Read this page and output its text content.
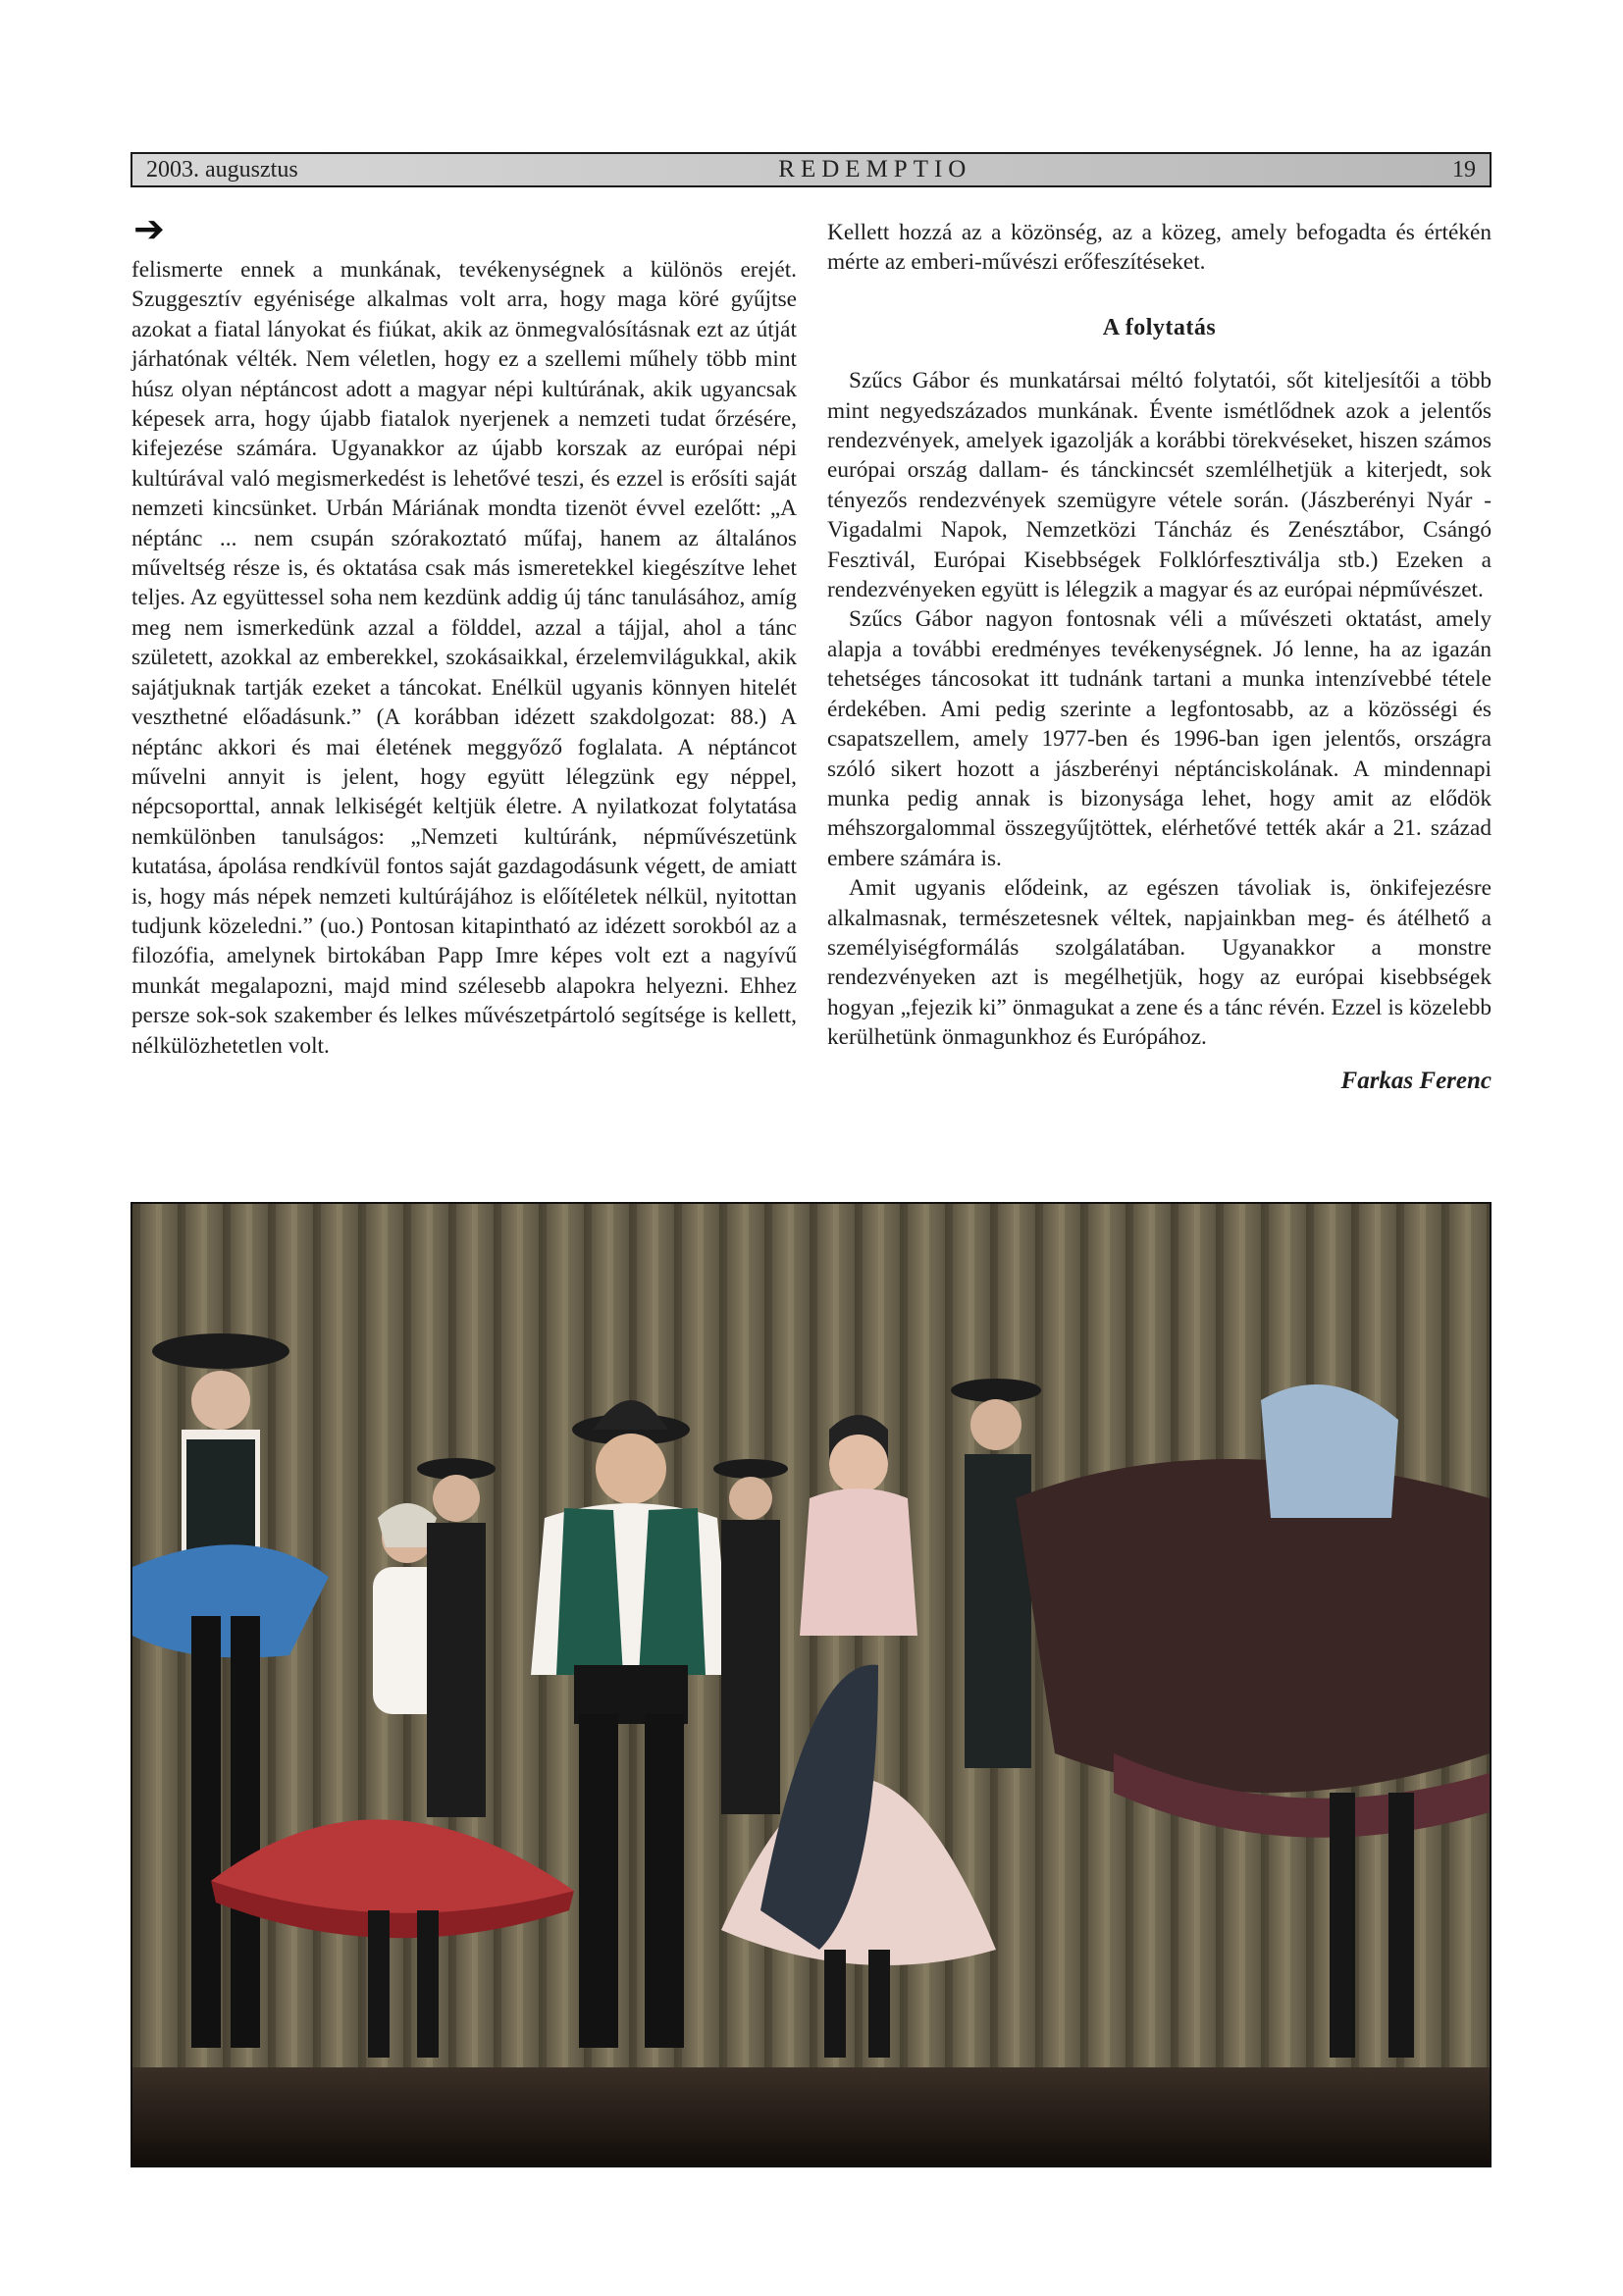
2003. augusztus	REDEMPTIO	19
➔

felismerte ennek a munkának, tevékenységnek a különös erejét. Szuggesztív egyénisége alkalmas volt arra, hogy maga köré gyűjtse azokat a fiatal lányokat és fiúkat, akik az önmegvalósításnak ezt az útját járhatónak vélték. Nem véletlen, hogy ez a szellemi műhely több mint húsz olyan néptáncost adott a magyar népi kultúrának, akik ugyancsak képesek arra, hogy újabb fiatalok nyerjenek a nemzeti tudat őrzésére, kifejezése számára. Ugyanakkor az újabb korszak az európai népi kultúrával való megismerkedést is lehetővé teszi, és ezzel is erősíti saját nemzeti kincsünket. Urbán Máriának mondta tizenöt évvel ezelőtt: „A néptánc ... nem csupán szórakoztató műfaj, hanem az általános műveltség része is, és oktatása csak más ismeretekkel kiegészítve lehet teljes. Az együttessel soha nem kezdünk addig új tánc tanulásához, amíg meg nem ismerkedünk azzal a földdel, azzal a tájjal, ahol a tánc született, azokkal az emberekkel, szokásaikkal, érzelemvilágukkal, akik sajátjuknak tartják ezeket a táncokat. Enélkül ugyanis könnyen hitelét veszthetné előadásunk.” (A korábban idézett szakdolgozat: 88.) A néptánc akkori és mai életének meggyőző foglalata. A néptáncot művelni annyit is jelent, hogy együtt lélegzünk egy néppel, népcsoporttal, annak lelkiségét keltjük életre. A nyilatkozat folytatása nemkülönben tanulságos: „Nemzeti kultúránk, népművészetünk kutatása, ápolása rendkívül fontos saját gazdagodásunk végett, de amiatt is, hogy más népek nemzeti kultúrájához is előítéletek nélkül, nyitottan tudjunk közeledni.” (uo.) Pontosan kitapintható az idézett sorokból az a filozófia, amelynek birtokában Papp Imre képes volt ezt a nagyívű munkát megalapozni, majd mind szélesebb alapokra helyezni. Ehhez persze sok-sok szakember és lelkes művészetpártoló segítsége is kellett, nélkülözhetetlen volt.

Kellett hozzá az a közönség, az a közeg, amely befogadta és értékén mérte az emberi-művészi erőfeszítéseket.

A folytatás

Szűcs Gábor és munkatársai méltó folytatói, sőt kiteljesítői a több mint negyedszázados munkának. Évente ismétlődnek azok a jelentős rendezvények, amelyek igazolják a korábbi törekvéseket, hiszen számos európai ország dallam- és tánckincsét szemlélhetjük a kiterjedt, sok tényezős rendezvények szemügyre vétele során. (Jászberényi Nyár - Vigadalmi Napok, Nemzetközi Táncház és Zenésztábor, Csángó Fesztivál, Európai Kisebbségek Folklórfesztiválja stb.) Ezeken a rendezvényeken együtt is lélegzik a magyar és az európai népművészet.

Szűcs Gábor nagyon fontosnak véli a művészeti oktatást, amely alapja a további eredményes tevékenységnek. Jó lenne, ha az igazán tehetséges táncosokat itt tudnánk tartani a munka intenzívebbé tétele érdekében. Ami pedig szerinte a legfontosabb, az a közösségi és csapatszellem, amely 1977-ben és 1996-ban igen jelentős, országra szóló sikert hozott a jászberényi néptánciskolának. A mindennapi munka pedig annak is bizonysága lehet, hogy amit az elődök méhszorgalommal összegyűjtöttek, elérhetővé tették akár a 21. század embere számára is.

Amit ugyanis elődeink, az egészen távoliak is, önkifejezésre alkalmasnak, természetesnek véltek, napjainkban meg- és átélhető a személyiségformálás szolgálatában. Ugyanakkor a monstre rendezvényeken azt is megélhetjük, hogy az európai kisebbségek hogyan „fejezik ki” önmagukat a zene és a tánc révén. Ezzel is közelebb kerülhetünk önmagunkhoz és Európához.

Farkas Ferenc
